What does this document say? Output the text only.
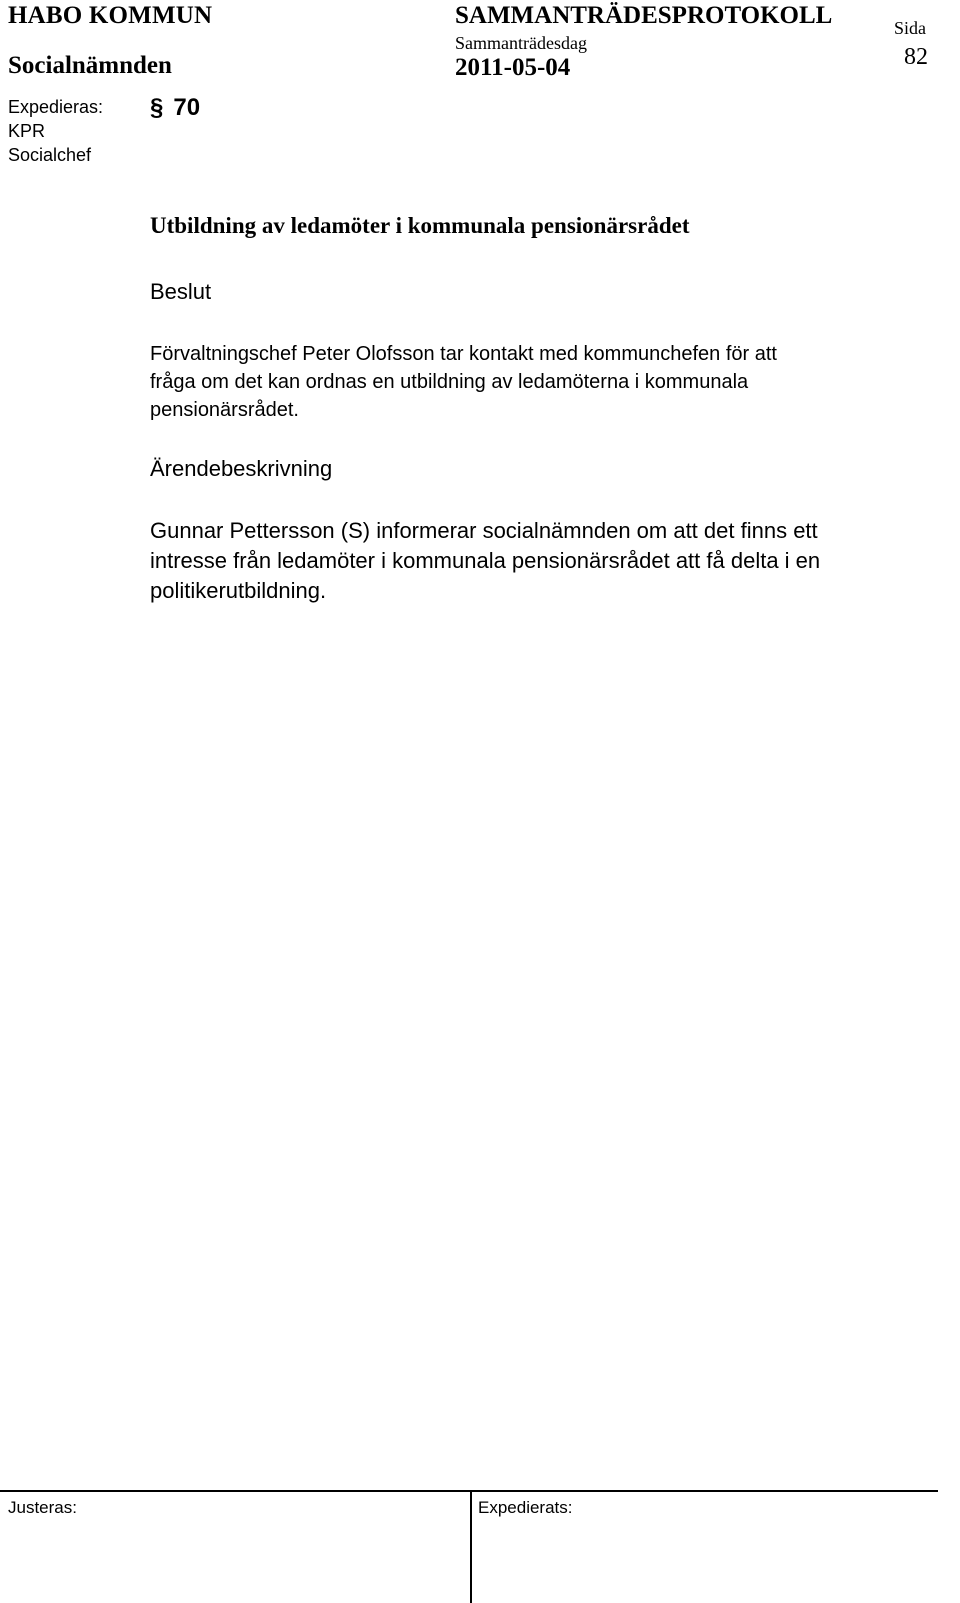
HABO KOMMUN
Socialnämnden
SAMMANTRÄDESPROTOKOLL
Sammanträdesdag
2011-05-04
Sida
82
Expedieras:
KPR
Socialchef
§ 70
Utbildning av ledamöter i kommunala pensionärsrådet
Beslut
Förvaltningschef Peter Olofsson tar kontakt med kommunchefen för att
fråga om det kan ordnas en utbildning av ledamöterna i kommunala
pensionärsrådet.
Ärendebeskrivning
Gunnar Pettersson (S) informerar socialnämnden om att det finns ett
intresse från ledamöter i kommunala pensionärsrådet att få delta i en
politikerutbildning.
Justeras:	Expedierats:
